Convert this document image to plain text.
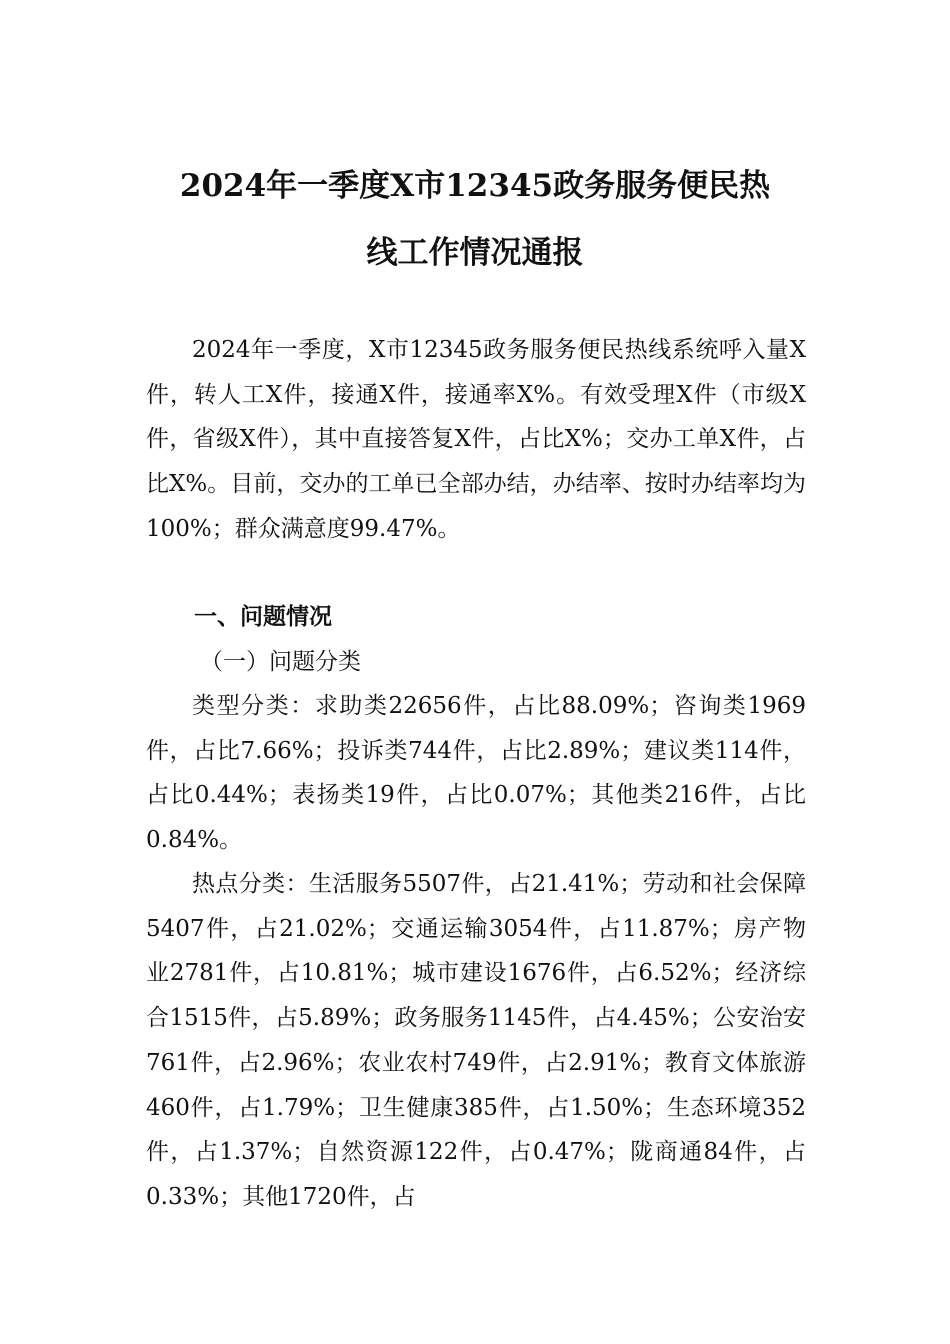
2024年一季度X市12345政务服务便民热
线工作情况通报

2024年一季度，X市12345政务服务便民热线系统呼入量X件，转人工X件，接通X件，接通率X%。有效受理X件（市级X件，省级X件），其中直接答复X件，占比X%；交办工单X件，占比X%。目前，交办的工单已全部办结，办结率、按时办结率均为100%；群众满意度99.47%。

一、问题情况
（一）问题分类

类型分类：求助类22656件，占比88.09%；咨询类1969件，占比7.66%；投诉类744件，占比2.89%；建议类114件，占比0.44%；表扬类19件，占比0.07%；其他类216件，占比0.84%。

热点分类：生活服务5507件，占21.41%；劳动和社会保障5407件，占21.02%；交通运输3054件，占11.87%；房产物业2781件，占10.81%；城市建设1676件，占6.52%；经济综合1515件，占5.89%；政务服务1145件，占4.45%；公安治安761件，占2.96%；农业农村749件，占2.91%；教育文体旅游460件，占1.79%；卫生健康385件，占1.50%；生态环境352件，占1.37%；自然资源122件，占0.47%；陇商通84件，占0.33%；其他1720件，占
